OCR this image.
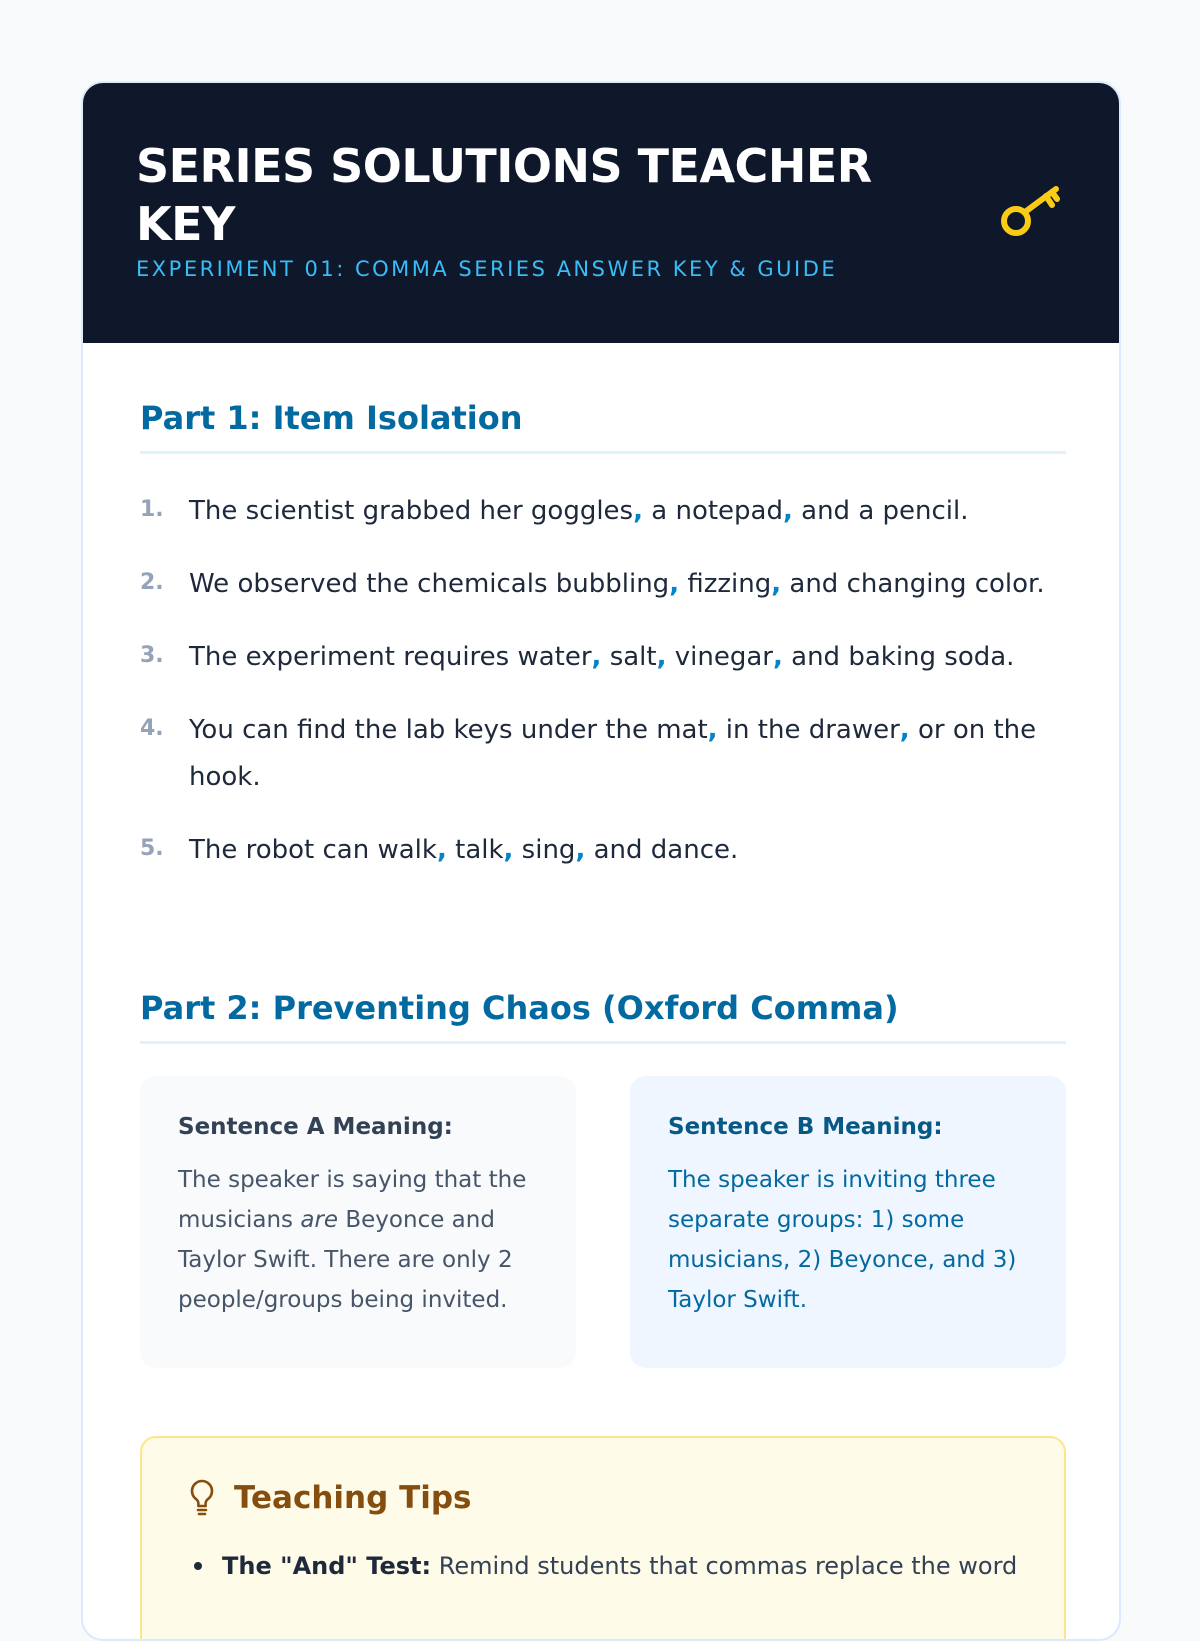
SERIES SOLUTIONS TEACHER KEY
EXPERIMENT 01: COMMA SERIES ANSWER KEY & GUIDE
Part 1: Item Isolation
1. The scientist grabbed her goggles, a notepad, and a pencil.
2. We observed the chemicals bubbling, fizzing, and changing color.
3. The experiment requires water, salt, vinegar, and baking soda.
4. You can find the lab keys under the mat, in the drawer, or on the hook.
5. The robot can walk, talk, sing, and dance.
Part 2: Preventing Chaos (Oxford Comma)
Sentence A Meaning:
The speaker is saying that the musicians are Beyonce and Taylor Swift. There are only 2 people/groups being invited.
Sentence B Meaning:
The speaker is inviting three separate groups: 1) some musicians, 2) Beyonce, and 3) Taylor Swift.
Teaching Tips
The "And" Test: Remind students that commas replace the word
